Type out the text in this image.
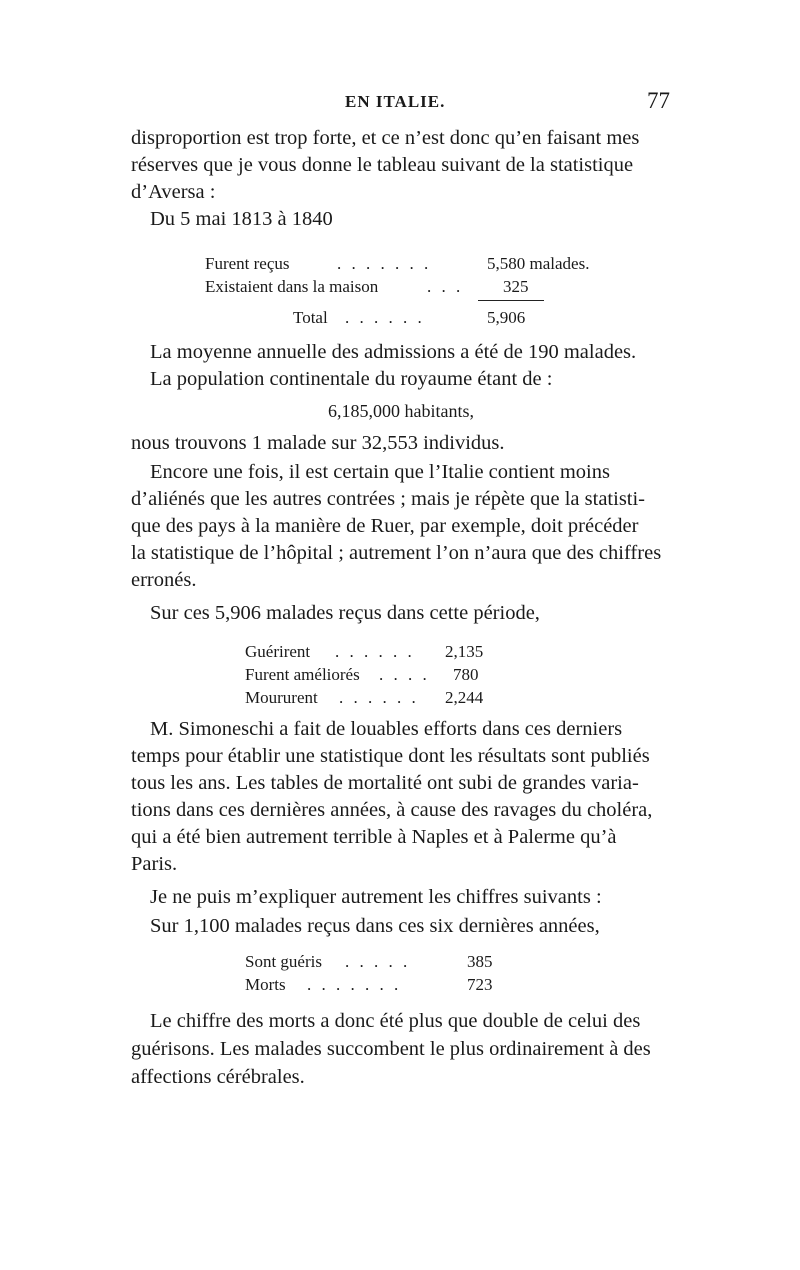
EN ITALIE.	77
disproportion est trop forte, et ce n’est donc qu’en faisant mes
réserves que je vous donne le tableau suivant de la statistique
d’Aversa :
Du 5 mai 1813 à 1840
Furent reçus	. . . . . . .	5,580 malades.
Existaient dans la maison	. . . 325
Total . . . . . .	5,906
La moyenne annuelle des admissions a été de 190 malades.
La population continentale du royaume étant de :
6,185,000 habitants,
nous trouvons 1 malade sur 32,553 individus.
Encore une fois, il est certain que l’Italie contient moins
d’aliénés que les autres contrées ; mais je répète que la statisti-
que des pays à la manière de Ruer, par exemple, doit précéder
la statistique de l’hôpital ; autrement l’on n’aura que des chiffres
erronés.
Sur ces 5,906 malades reçus dans cette période,
Guérirent . . . . . . 2,135
Furent améliorés . . . . 780
Moururent . . . . . . 2,244
M. Simoneschi a fait de louables efforts dans ces derniers
temps pour établir une statistique dont les résultats sont publiés
tous les ans. Les tables de mortalité ont subi de grandes varia-
tions dans ces dernières années, à cause des ravages du choléra,
qui a été bien autrement terrible à Naples et à Palerme qu’à
Paris.
Je ne puis m’expliquer autrement les chiffres suivants :
Sur 1,100 malades reçus dans ces six dernières années,
Sont guéris . . . . .	385
Morts . . . . . . .	723
Le chiffre des morts a donc été plus que double de celui des
guérisons. Les malades succombent le plus ordinairement à des
affections cérébrales.
